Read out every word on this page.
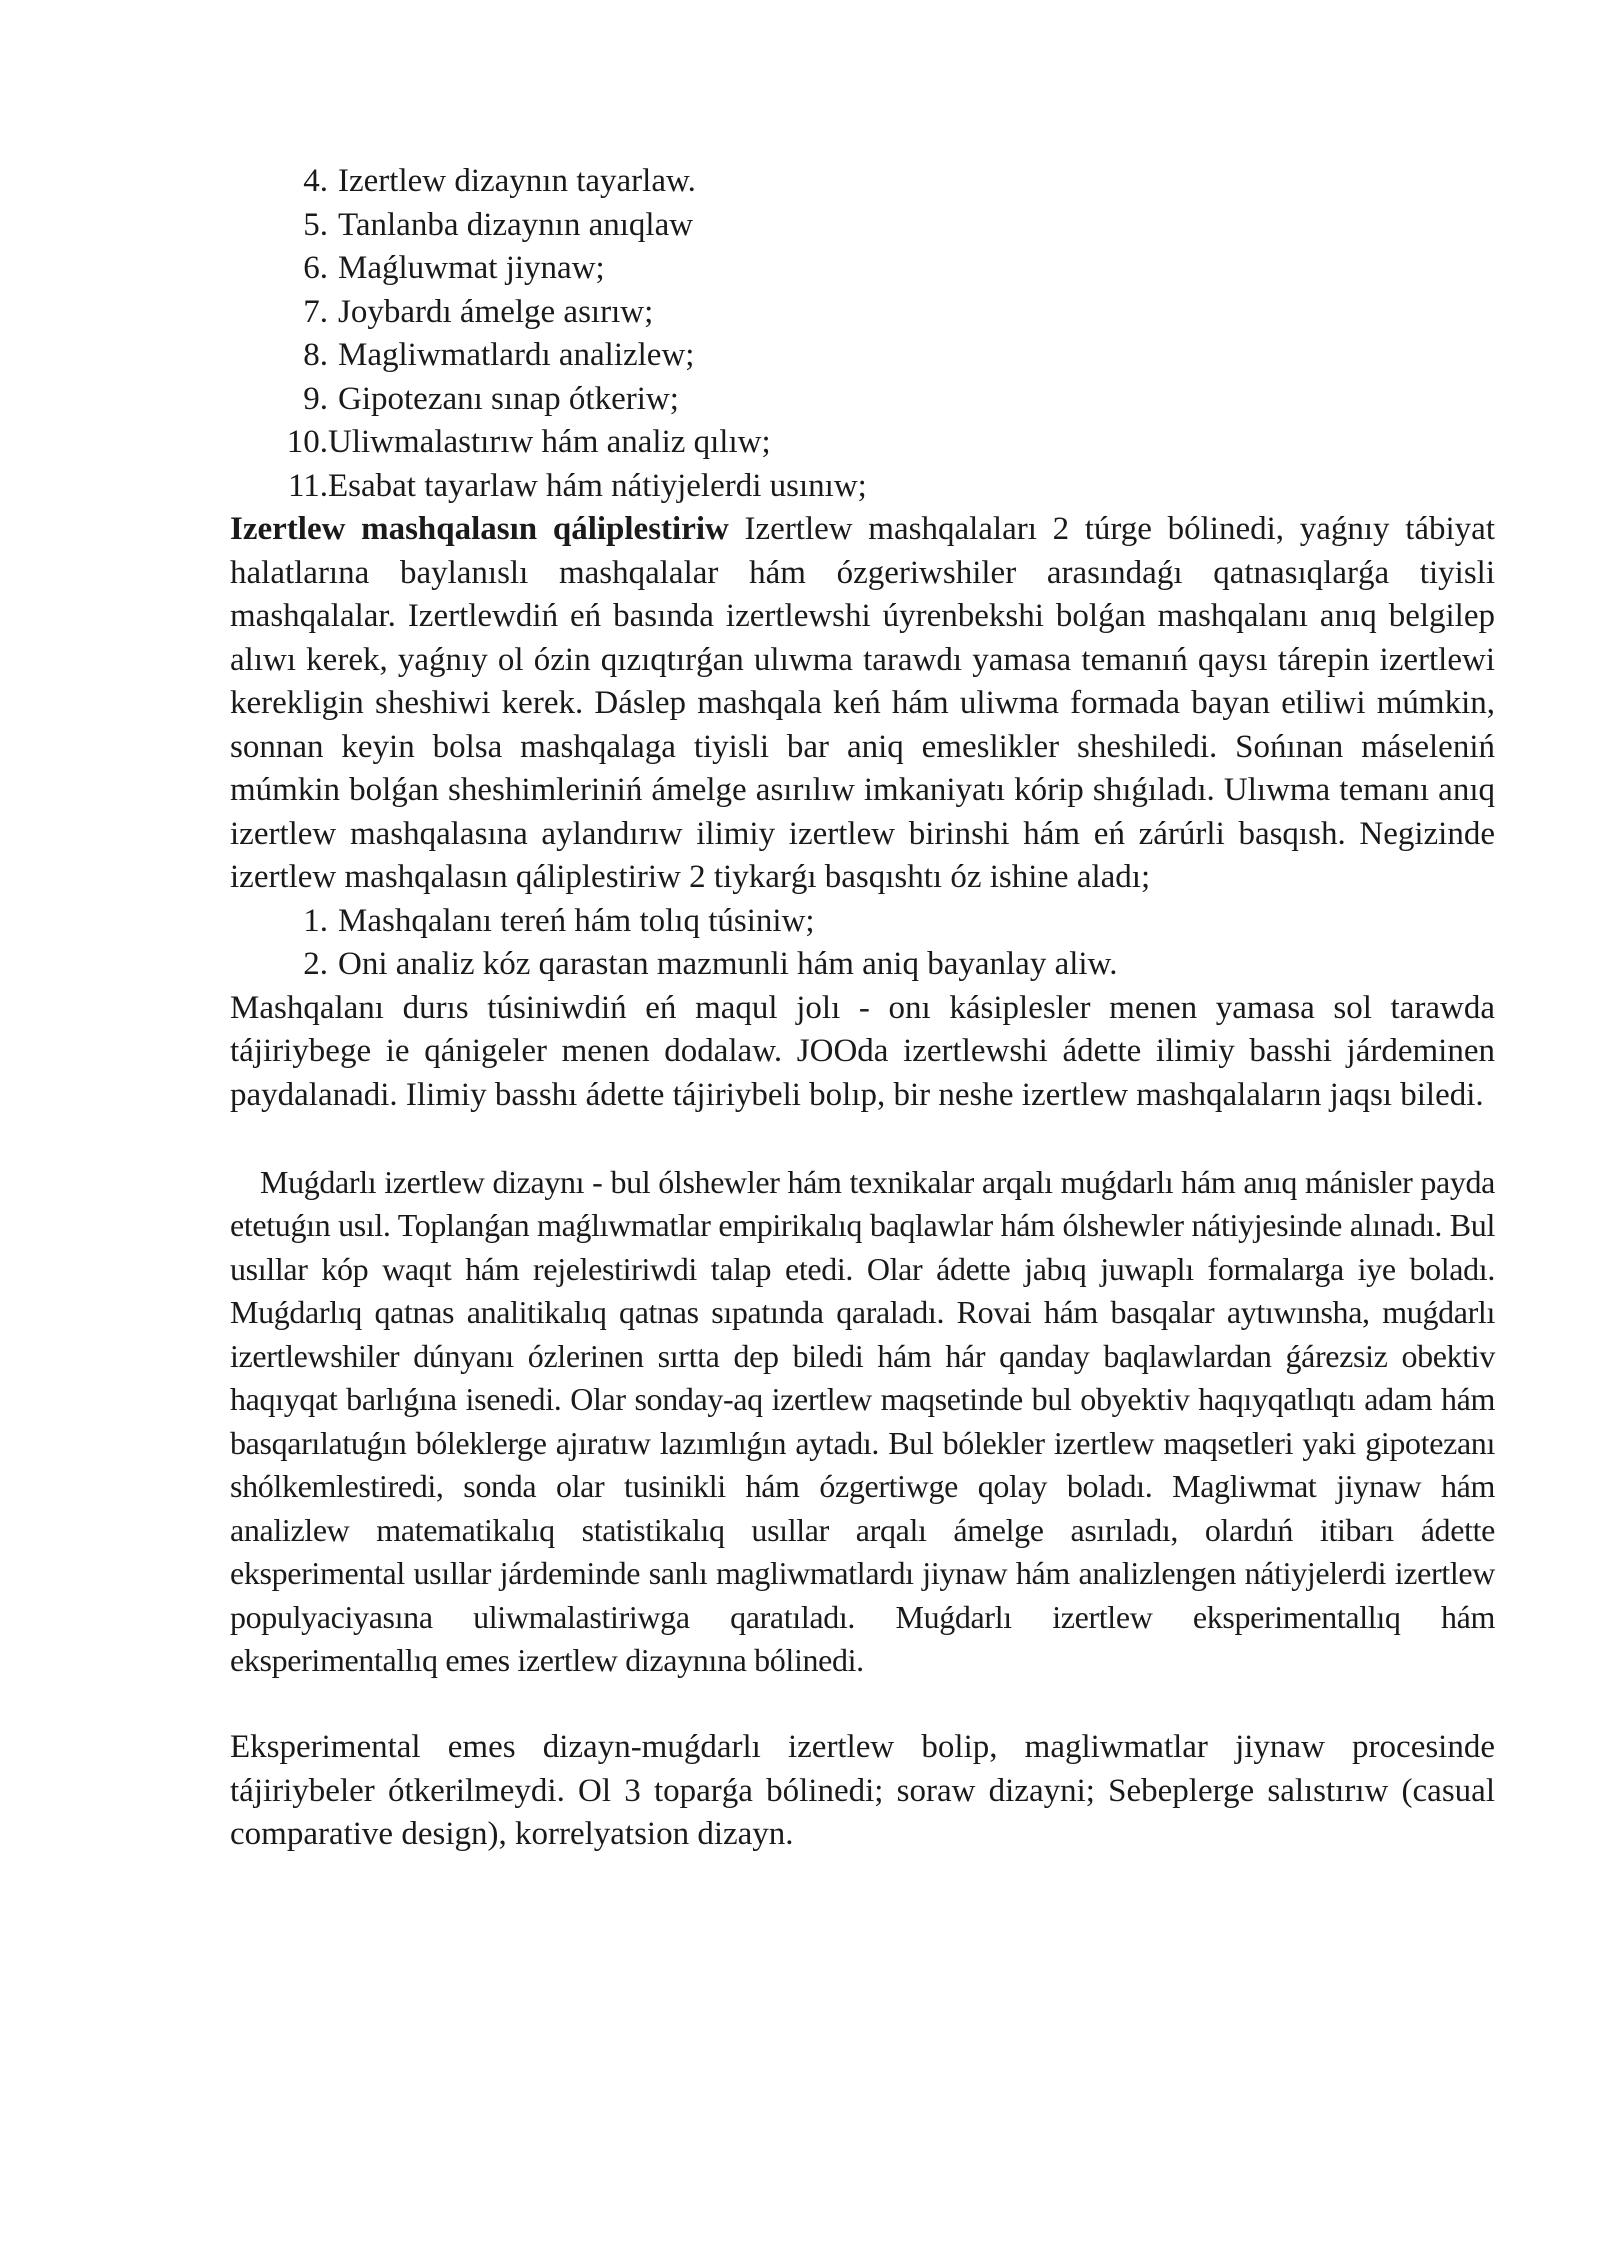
4. Izertlew dizaynın tayarlaw.
5. Tanlanba dizaynın anıqlaw
6. Maǵluwmat jiynaw;
7. Joybardı ámelge asırıw;
8. Magliwmatlardı analizlew;
9. Gipotezanı sınap ótkeriw;
10. Uliwmalastırıw hám analiz qılıw;
11. Esabat tayarlaw hám nátiyjelerdi usınıw;

Izertlew mashqalasın qáliplestiriw Izertlew mashqalaları 2 túrge bólinedi, yaǵnıy tábiyat halatlarına baylanıslı mashqalalar hám ózgeriwshiler arasındaǵı qatnasıqlarǵa tiyisli mashqalalar. Izertlewdiń eń basında izertlewshi úyrenbekshi bolǵan mashqalanı anıq belgilep alıwı kerek, yaǵnıy ol ózin qızıqtırǵan ulıwma tarawdı yamasa temanıń qaysı tárepin izertlewi kerekligin sheshiwi kerek. Dáslep mashqala keń hám uliwma formada bayan etiliwi múmkin, sonnan keyin bolsa mashqalaga tiyisli bar aniq emeslikler sheshiledi. Sońınan máseleniń múmkin bolǵan sheshimleriniń ámelge asırılıw imkaniyatı kórip shıǵıladı. Ulıwma temanı anıq izertlew mashqalasına aylandırıw ilimiy izertlew birinshi hám eń zárúrli basqısh. Negizinde izertlew mashqalasın qáliplestiriw 2 tiykarǵı basqıshtı óz ishine aladı;

1. Mashqalanı tereń hám tolıq túsiniw;
2. Oni analiz kóz qarastan mazmunli hám aniq bayanlay aliw.

Mashqalanı durıs túsiniwdiń eń maqul jolı - onı kásiplesler menen yamasa sol tarawda tájiriybege ie qánigeler menen dodalaw. JOOda izertlewshi ádette ilimiy basshi járdeminen paydalanadi. Ilimiy basshı ádette tájiriybeli bolıp, bir neshe izertlew mashqalaların jaqsı biledi.

Muǵdarlı izertlew dizaynı - bul ólshewler hám texnikalar arqalı muǵdarlı hám anıq mánisler payda etetuǵın usıl. Toplanǵan maǵlıwmatlar empirikalıq baqlawlar hám ólshewler nátiyjesinde alınadı. Bul usıllar kóp waqıt hám rejelestiriwdi talap etedi. Olar ádette jabıq juwaplı formalarga iye boladı. Muǵdarlıq qatnas analitikalıq qatnas sıpatında qaraladı. Rovai hám basqalar aytıwınsha, muǵdarlı izertlewshiler dúnyanı ózlerinen sırtta dep biledi hám hár qanday baqlawlardan ǵárezsiz obektiv haqıyqat barlıǵına isenedi. Olar sonday-aq izertlew maqsetinde bul obyektiv haqıyqatlıqtı adam hám basqarılatuǵın bóleklerge ajıratıw lazımlıǵın aytadı. Bul bólekler izertlew maqsetleri yaki gipotezanı shólkemlestiredi, sonda olar tusinikli hám ózgertiwge qolay boladı. Magliwmat jiynaw hám analizlew matematikalıq statistikalıq usıllar arqalı ámelge asırıladı, olardıń itibarı ádette eksperimental usıllar járdeminde sanlı magliwmatlardı jiynaw hám analizlengen nátiyjelerdi izertlew populyaciyasına uliwmalastiriwga qaratıladı. Muǵdarlı izertlew eksperimentallıq hám eksperimentallıq emes izertlew dizaynına bólinedi.

Eksperimental emes dizayn-muǵdarlı izertlew bolip, magliwmatlar jiynaw procesinde tájiriybeler ótkerilmeydi. Ol 3 toparǵa bólinedi; soraw dizayni; Sebeplerge salıstırıw (casual comparative design), korrelyatsion dizayn.
